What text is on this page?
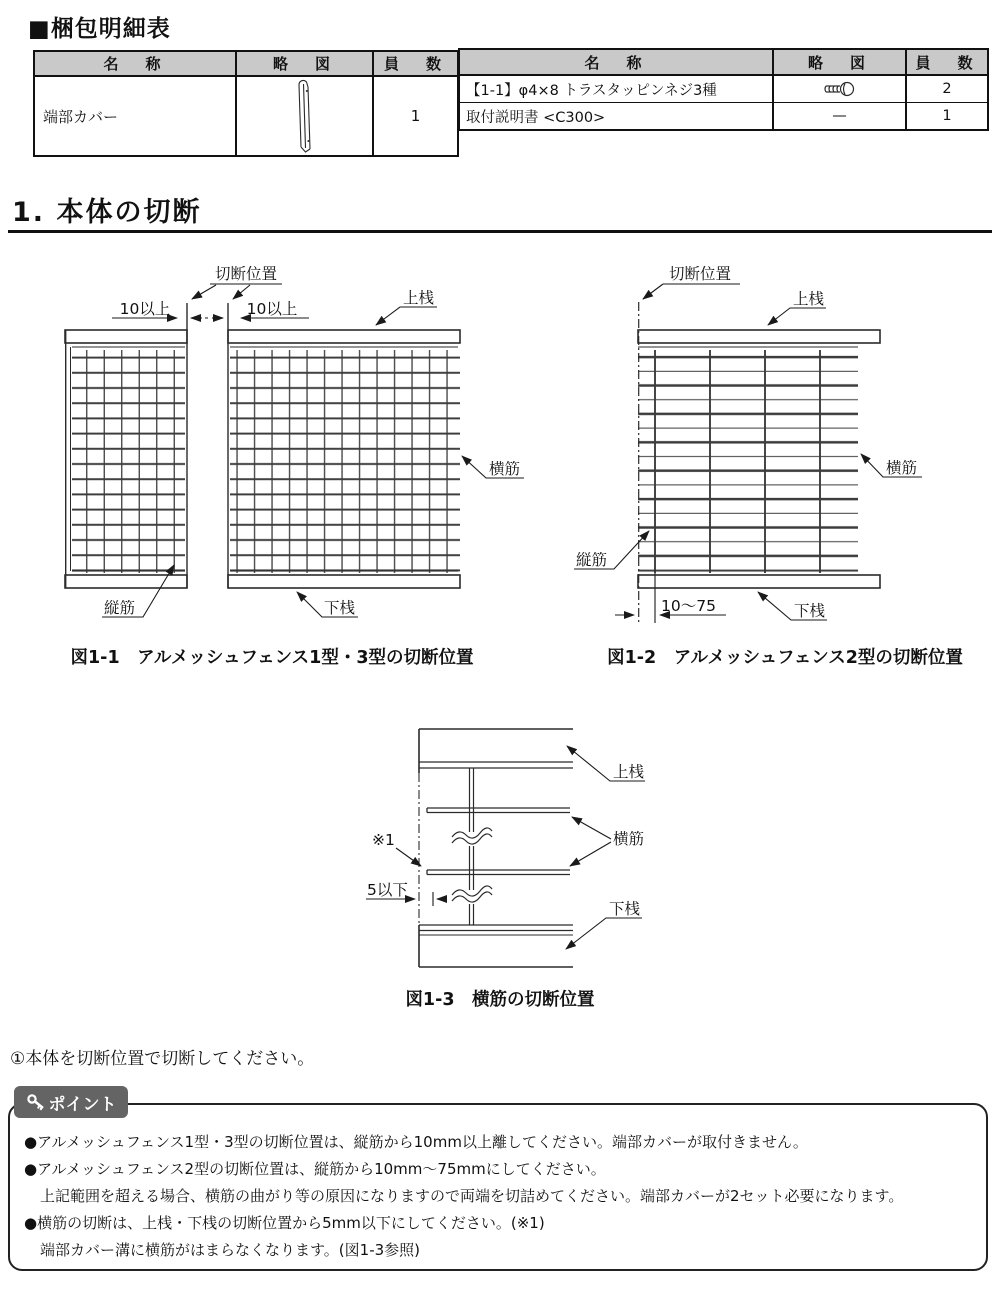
■梱包明細表
名　称	略　図	員　数
端部カバー	1
名　称	略　図	員　数
【1-1】φ4×8 トラスタッピンネジ3種	2
取付説明書 <C300>	—	1
1. 本体の切断
切断位置
10以上	10以上
上桟
横筋
縦筋	下桟
図1-1　アルメッシュフェンス1型・3型の切断位置
切断位置
上桟
横筋
縦筋
下桟
10〜75
図1-2　アルメッシュフェンス2型の切断位置
※1
5以下
上桟
横筋
下桟
図1-3　横筋の切断位置
①本体を切断位置で切断してください。
ポイント
●アルメッシュフェンス1型・3型の切断位置は、縦筋から10mm以上離してください。端部カバーが取付きません。
●アルメッシュフェンス2型の切断位置は、縦筋から10mm〜75mmにしてください。
上記範囲を超える場合、横筋の曲がり等の原因になりますので両端を切詰めてください。端部カバーが2セット必要になります。
●横筋の切断は、上桟・下桟の切断位置から5mm以下にしてください。(※1)
端部カバー溝に横筋がはまらなくなります。(図1-3参照)
